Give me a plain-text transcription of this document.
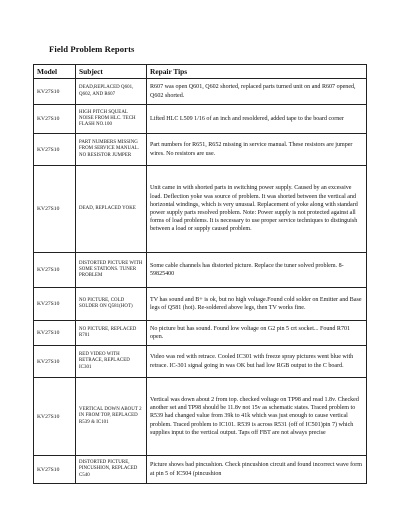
Field Problem Reports
Model	Subject	Repair Tips
KV27S10	DEAD,REPLACED Q601, Q602, AND R607	R607 was open Q601, Q602 shorted, replaced parts turned unit on and R607 opened, Q602 shorted.
KV27S10	HIGH PITCH SQUEAL NOISE FROM HLC. TECH FLASH NO.100	Lifted HLC L509 1/16 of an inch and resoldered, added tape to the board corner
KV27S10	PART NUMBERS MISSING FROM SERVICE MANUAL. NO RESISTOR JUMPER	Part numbers for R651, R652 missing in service manual. These resistors are jumper wires. No resistors are use.
KV27S10	DEAD, REPLACED YOKE	Unit came in with shorted parts in switching power supply. Caused by an excessive load. Deflection yoke was source of problem. It was shorted between the vertical and horizontal windings, which is very unusual. Replacement of yoke along with standard power supply parts resolved problem. Note: Power supply is not protected against all forms of load problems. It is necessary to use proper service techniques to distinguish between a load or supply caused problem.
KV27S10	DISTORTED PICTURE WITH SOME STATIONS. TUNER PROBLEM	Some cable channels has distorted picture. Replace the tuner solved problem. 8-59825400
KV27S10	NO PICTURE, COLD SOLDER ON Q581(HOT)	TV has sound and B+ is ok, but no high voltage.Found cold solder on Emitter and Base legs of Q581 (hot). Re-soldered above legs, then TV works fine.
KV27S10	NO PICTURE, REPLACED R701	No picture but has sound. Found low voltage on G2 pin 5 crt socket... Found R701 open.
KV27S10	RED VIDEO WITH RETRACE, REPLACED IC301	Video was red with retrace. Cooled IC301 with freeze spray pictures went blue with retrace. IC-301 signal going in was OK but had low RGB output to the C board.
KV27S10	VERTICAL DOWN ABOUT 2 IN FROM TOP, REPLACED R539 & IC101	Vertical was down about 2 from top. checked voltage on TP98 and read 1.8v. Checked another set and TP98 should be 11.8v not 15v as schematic states. Traced problem to R539 had changed value from 39k to 41k which was just enough to cause vertical problem. Traced problem to IC101. R539 is across R531 (off of IC501)pin 7) which supplies input to the vertical output. Taps off FBT are not always precise
KV27S10	DISTORTED PICTURE, PINCUSHION, REPLACED C540	Picture shows bad pincushion. Check pincushion circuit and found incorrect wave form at pin 5 of IC504 (pincushion
